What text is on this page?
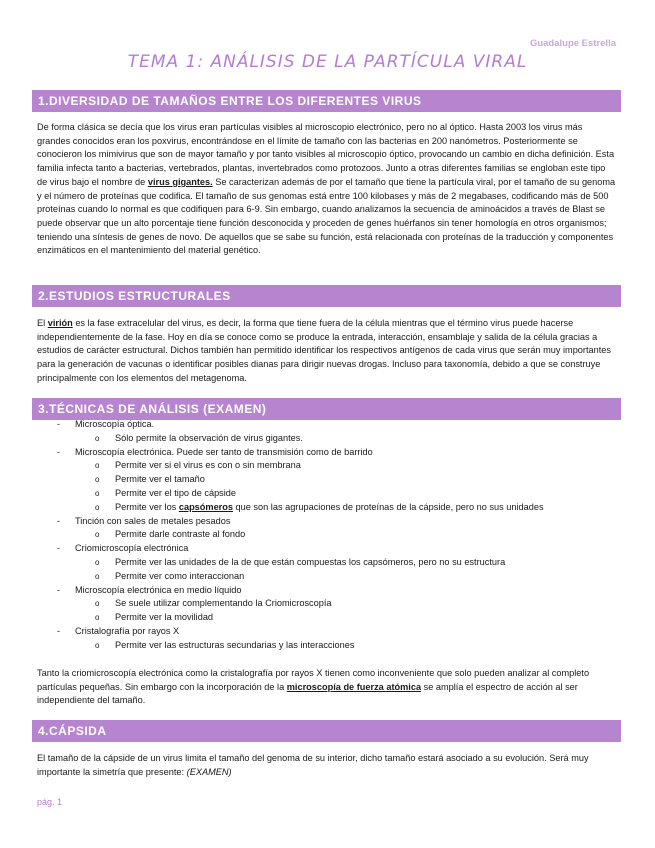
Guadalupe Estrella
TEMA 1: ANÁLISIS DE LA PARTÍCULA VIRAL
1.DIVERSIDAD DE TAMAÑOS ENTRE LOS DIFERENTES VIRUS
De forma clásica se decía que los virus eran partículas visibles al microscopio electrónico, pero no al óptico. Hasta 2003 los virus más grandes conocidos eran los poxvirus, encontrándose en el límite de tamaño con las bacterias en 200 nanómetros. Posteriormente se conocieron los mimivirus que son de mayor tamaño y por tanto visibles al microscopio óptico, provocando un cambio en dicha definición. Esta familia infecta tanto a bacterias, vertebrados, plantas, invertebrados como protozoos. Junto a otras diferentes familias se engloban este tipo de virus bajo el nombre de virus gigantes. Se caracterizan además de por el tamaño que tiene la partícula viral, por el tamaño de su genoma y el número de proteínas que codifica. El tamaño de sus genomas está entre 100 kilobases y más de 2 megabases, codificando más de 500 proteínas cuando lo normal es que codifiquen para 6-9. Sin embargo, cuando analizamos la secuencia de aminoácidos a través de Blast se puede observar que un alto porcentaje tiene función desconocida y proceden de genes huérfanos sin tener homología en otros organismos; teniendo una síntesis de genes de novo. De aquellos que se sabe su función, está relacionada con proteínas de la traducción y componentes enzimáticos en el mantenimiento del material genético.
2.ESTUDIOS ESTRUCTURALES
El virión es la fase extracelular del virus, es decir, la forma que tiene fuera de la célula mientras que el término virus puede hacerse independientemente de la fase. Hoy en día se conoce como se produce la entrada, interacción, ensamblaje y salida de la célula gracias a estudios de carácter estructural. Dichos también han permitido identificar los respectivos antígenos de cada virus que serán muy importantes para la generación de vacunas o identificar posibles dianas para dirigir nuevas drogas. Incluso para taxonomía, debido a que se construye principalmente con los elementos del metagenoma.
3.TÉCNICAS DE ANÁLISIS (EXAMEN)
- Microscopía óptica.
o Sólo permite la observación de virus gigantes.
- Microscopía electrónica. Puede ser tanto de transmisión como de barrido
o Permite ver si el virus es con o sin membrana
o Permite ver el tamaño
o Permite ver el tipo de cápside
o Permite ver los capsómeros que son las agrupaciones de proteínas de la cápside, pero no sus unidades
- Tinción con sales de metales pesados
o Permite darle contraste al fondo
- Criomicroscopía electrónica
o Permite ver las unidades de la de que están compuestas los capsómeros, pero no su estructura
o Permite ver como interaccionan
- Microscopía electrónica en medio líquido
o Se suele utilizar complementando la Criomicroscopía
o Permite ver la movilidad
- Cristalografía por rayos X
o Permite ver las estructuras secundarias y las interacciones
Tanto la criomicroscopía electrónica como la cristalografía por rayos X tienen como inconveniente que solo pueden analizar al completo partículas pequeñas. Sin embargo con la incorporación de la microscopía de fuerza atómica se amplía el espectro de acción al ser independiente del tamaño.
4.CÁPSIDA
El tamaño de la cápside de un virus limita el tamaño del genoma de su interior, dicho tamaño estará asociado a su evolución. Será muy importante la simetría que presente: (EXAMEN)
pág. 1
